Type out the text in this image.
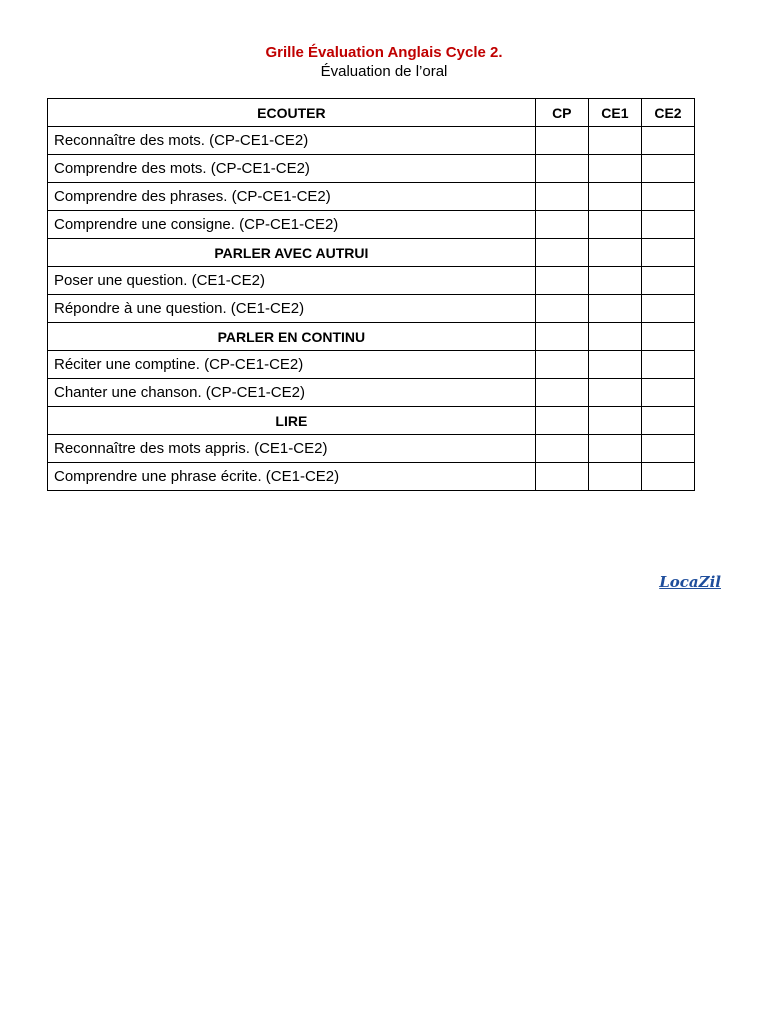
Grille Évaluation Anglais Cycle 2.
Évaluation de l’oral
ECOUTER	CP	CE1	CE2
Reconnaître des mots. (CP-CE1-CE2)			
Comprendre des mots. (CP-CE1-CE2)			
Comprendre des phrases. (CP-CE1-CE2)			
Comprendre une consigne. (CP-CE1-CE2)			
PARLER AVEC AUTRUI			
Poser une question. (CE1-CE2)			
Répondre à une question. (CE1-CE2)			
PARLER EN CONTINU			
Réciter une comptine. (CP-CE1-CE2)			
Chanter une chanson. (CP-CE1-CE2)			
LIRE			
Reconnaître des mots appris. (CE1-CE2)			
Comprendre une phrase écrite. (CE1-CE2)			
LocaZil
